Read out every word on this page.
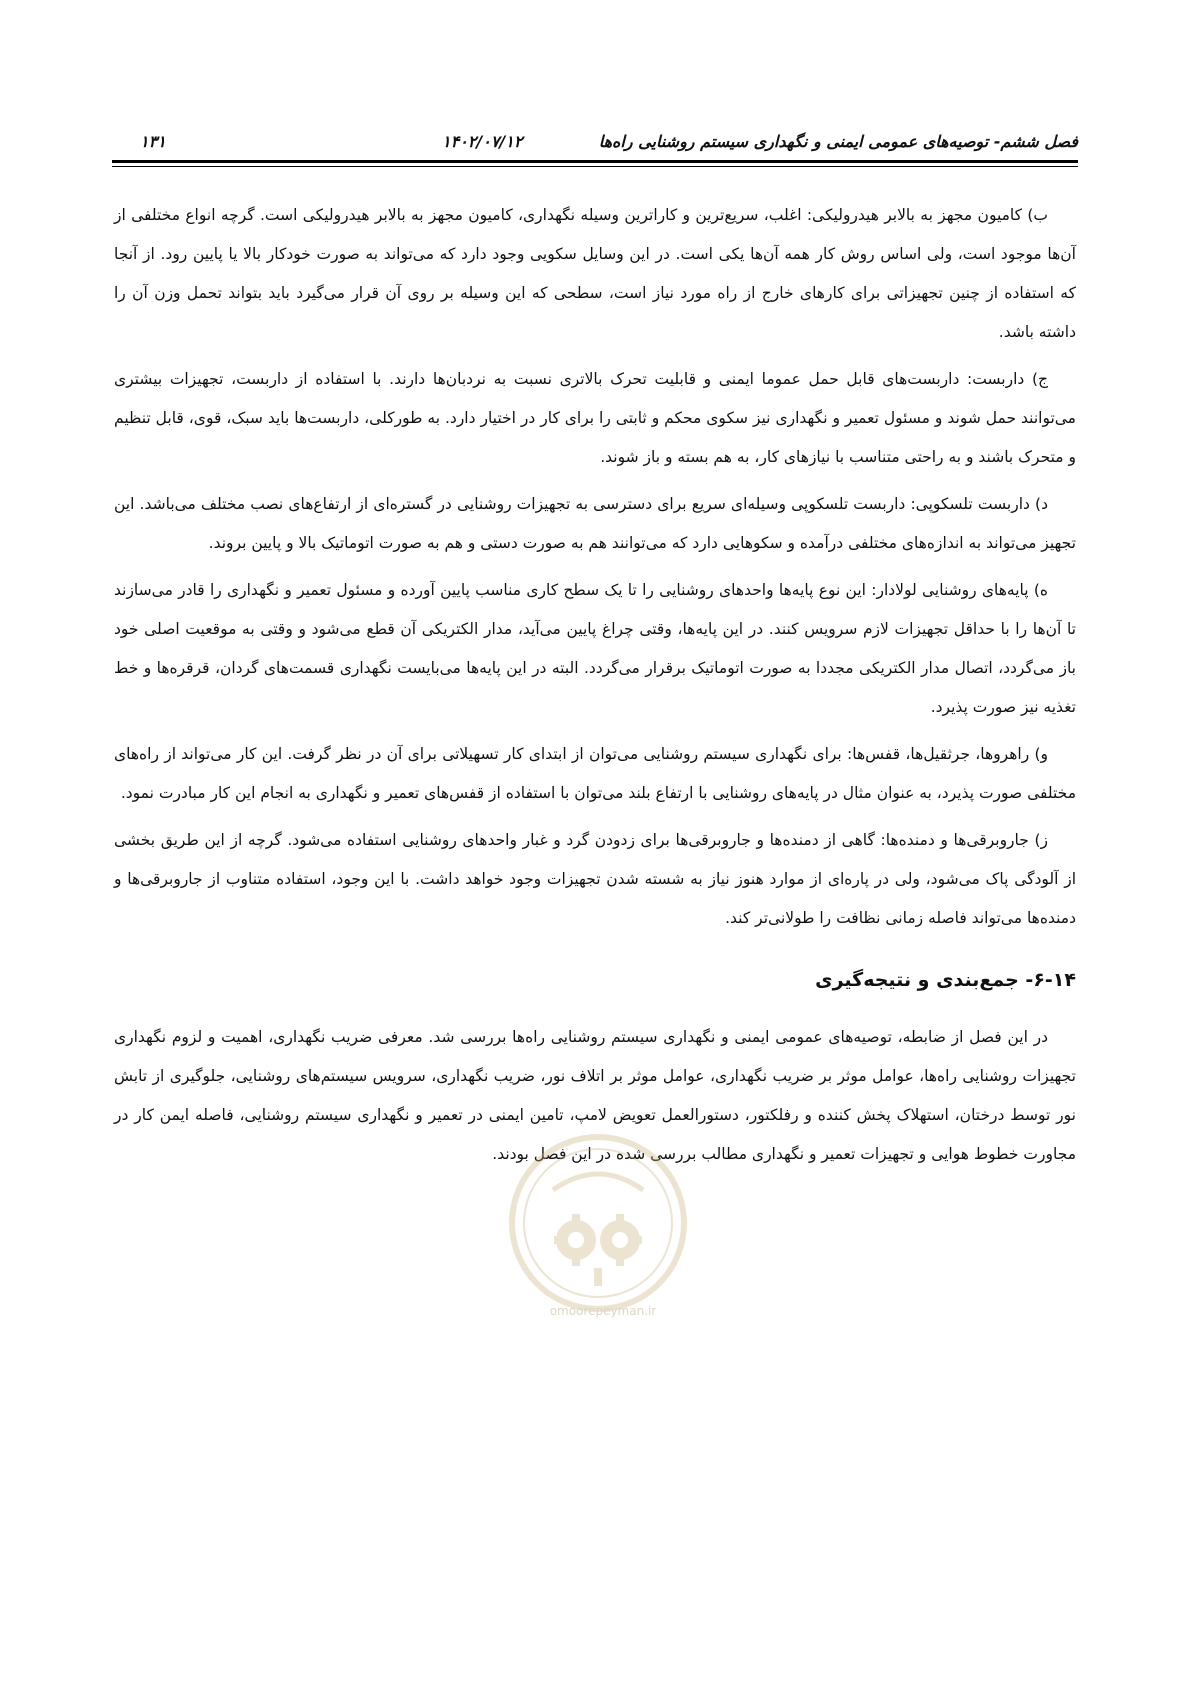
فصل ششم- توصیه‌های عمومی ایمنی و نگهداری سیستم روشنایی راه‌ها
۱۴۰۲/۰۷/۱۲
۱۳۱

ب) کامیون مجهز به بالابر هیدرولیکی: اغلب، سریع‌ترین و کاراترین وسیله نگهداری، کامیون مجهز به بالابر هیدرولیکی است. گرچه انواع مختلفی از آن‌ها موجود است، ولی اساس روش کار همه آن‌ها یکی است. در این وسایل سکویی وجود دارد که می‌تواند به صورت خودکار بالا یا پایین رود. از آنجا که استفاده از چنین تجهیزاتی برای کارهای خارج از راه مورد نیاز است، سطحی که این وسیله بر روی آن قرار می‌گیرد باید بتواند تحمل وزن آن را داشته باشد.

ج) داربست: داربست‌های قابل حمل عموما ایمنی و قابلیت تحرک بالاتری نسبت به نردبان‌ها دارند. با استفاده از داربست، تجهیزات بیشتری می‌توانند حمل شوند و مسئول تعمیر و نگهداری نیز سکوی محکم و ثابتی را برای کار در اختیار دارد. به طورکلی، داربست‌ها باید سبک، قوی، قابل تنظیم و متحرک باشند و به راحتی متناسب با نیازهای کار، به هم بسته و باز شوند.

د) داربست تلسکوپی: داربست تلسکوپی وسیله‌ای سریع برای دسترسی به تجهیزات روشنایی در گستره‌ای از ارتفاع‌های نصب مختلف می‌باشد. این تجهیز می‌تواند به اندازه‌های مختلفی درآمده و سکوهایی دارد که می‌توانند هم به صورت دستی و هم به صورت اتوماتیک بالا و پایین بروند.

ه) پایه‌های روشنایی لولادار: این نوع پایه‌ها واحدهای روشنایی را تا یک سطح کاری مناسب پایین آورده و مسئول تعمیر و نگهداری را قادر می‌سازند تا آن‌ها را با حداقل تجهیزات لازم سرویس کنند. در این پایه‌ها، وقتی چراغ پایین می‌آید، مدار الکتریکی آن قطع می‌شود و وقتی به موقعیت اصلی خود باز می‌گردد، اتصال مدار الکتریکی مجددا به صورت اتوماتیک برقرار می‌گردد. البته در این پایه‌ها می‌بایست نگهداری قسمت‌های گردان، قرقره‌ها و خط تغذیه نیز صورت پذیرد.

و) راهروها، جرثقیل‌ها، قفس‌ها: برای نگهداری سیستم روشنایی می‌توان از ابتدای کار تسهیلاتی برای آن در نظر گرفت. این کار می‌تواند از راه‌های مختلفی صورت پذیرد، به عنوان مثال در پایه‌های روشنایی با ارتفاع بلند می‌توان با استفاده از قفس‌های تعمیر و نگهداری به انجام این کار مبادرت نمود.

ز) جاروبرقی‌ها و دمنده‌ها: گاهی از دمنده‌ها و جاروبرقی‌ها برای زدودن گرد و غبار واحدهای روشنایی استفاده می‌شود. گرچه از این طریق بخشی از آلودگی پاک می‌شود، ولی در پاره‌ای از موارد هنوز نیاز به شسته شدن تجهیزات وجود خواهد داشت. با این وجود، استفاده متناوب از جاروبرقی‌ها و دمنده‌ها می‌تواند فاصله زمانی نظافت را طولانی‌تر کند.

۶-۱۴- جمع‌بندی و نتیجه‌گیری

در این فصل از ضابطه، توصیه‌های عمومی ایمنی و نگهداری سیستم روشنایی راه‌ها بررسی شد. معرفی ضریب نگهداری، اهمیت و لزوم نگهداری تجهیزات روشنایی راه‌ها، عوامل موثر بر ضریب نگهداری، عوامل موثر بر اتلاف نور، ضریب نگهداری، سرویس سیستم‌های روشنایی، جلوگیری از تابش نور توسط درختان، استهلاک پخش کننده و رفلکتور، دستورالعمل تعویض لامپ، تامین ایمنی در تعمیر و نگهداری سیستم روشنایی، فاصله ایمن کار در مجاورت خطوط هوایی و تجهیزات تعمیر و نگهداری مطالب بررسی شده در این فصل بودند.

omoorepeyman.ir
